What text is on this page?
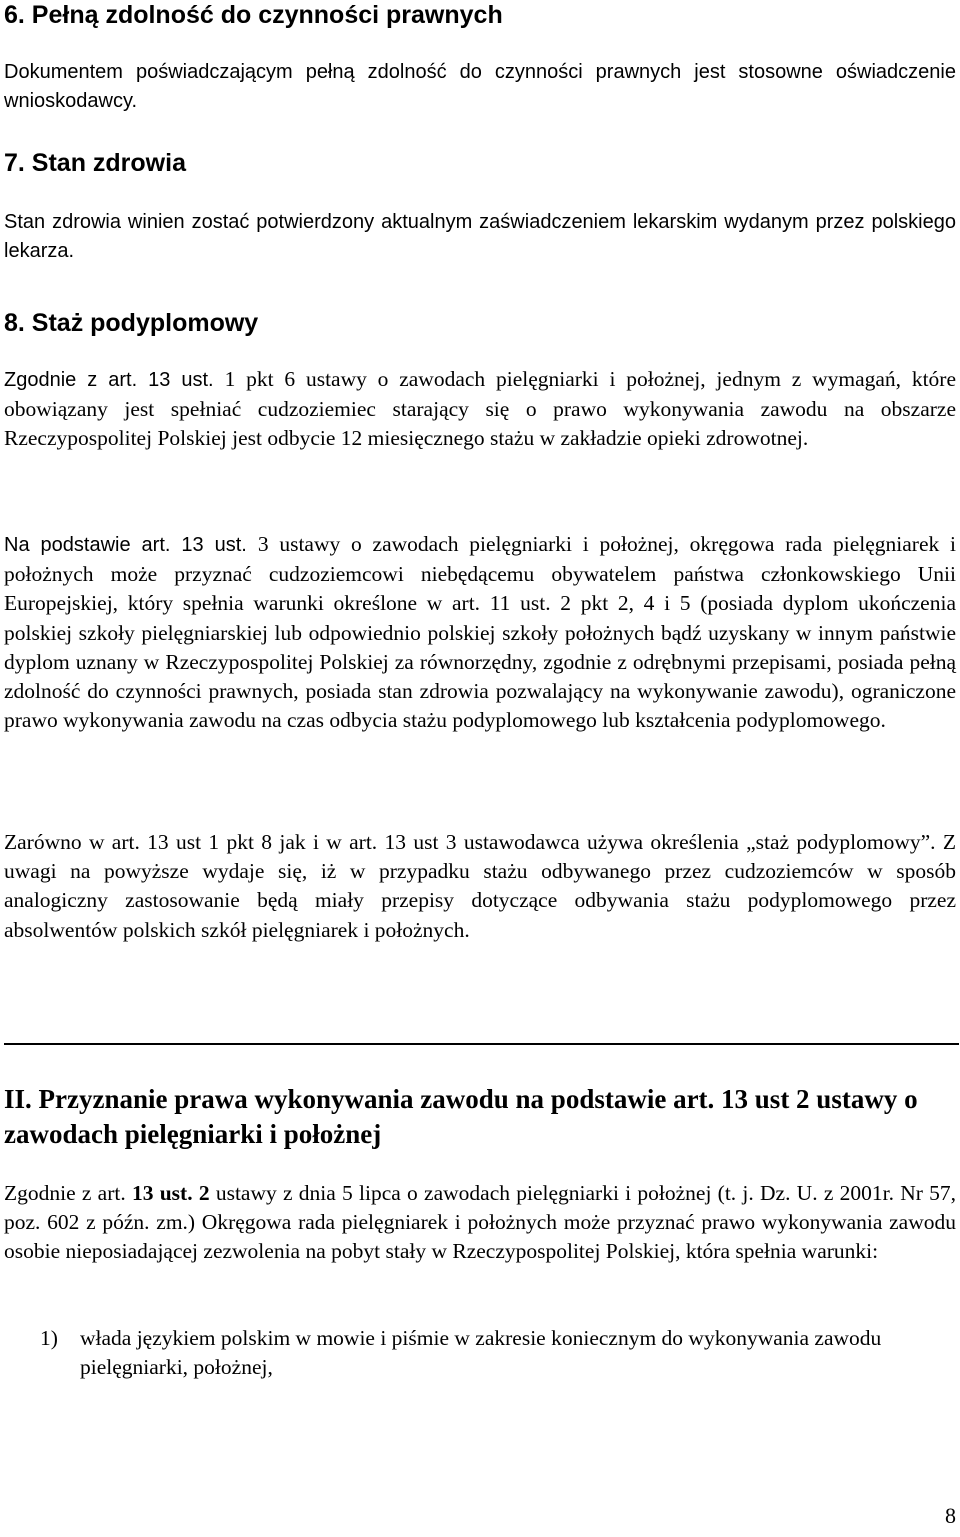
6. Pełną zdolność do czynności prawnych

Dokumentem poświadczającym pełną zdolność do czynności prawnych jest stosowne oświadczenie wnioskodawcy.

7. Stan zdrowia

Stan zdrowia winien zostać potwierdzony aktualnym zaświadczeniem lekarskim wydanym przez polskiego lekarza.

8. Staż podyplomowy

Zgodnie z art. 13 ust. 1 pkt 6 ustawy o zawodach pielęgniarki i położnej, jednym z wymagań, które obowiązany jest spełniać cudzoziemiec starający się o prawo wykonywania zawodu na obszarze Rzeczypospolitej Polskiej jest odbycie 12 miesięcznego stażu w zakładzie opieki zdrowotnej.

Na podstawie art. 13 ust. 3 ustawy o zawodach pielęgniarki i położnej, okręgowa rada pielęgniarek i położnych może przyznać cudzoziemcowi niebędącemu obywatelem państwa członkowskiego Unii Europejskiej, który spełnia warunki określone w art. 11 ust. 2 pkt 2, 4 i 5 (posiada dyplom ukończenia polskiej szkoły pielęgniarskiej lub odpowiednio polskiej szkoły położnych bądź uzyskany w innym państwie dyplom uznany w Rzeczypospolitej Polskiej za równorzędny, zgodnie z odrębnymi przepisami, posiada pełną zdolność do czynności prawnych, posiada stan zdrowia pozwalający na wykonywanie zawodu), ograniczone prawo wykonywania zawodu na czas odbycia stażu podyplomowego lub kształcenia podyplomowego.

Zarówno w art. 13 ust 1 pkt 8 jak i w art. 13 ust 3 ustawodawca używa określenia „staż podyplomowy”. Z uwagi na powyższe wydaje się, iż w przypadku stażu odbywanego przez cudzoziemców w sposób analogiczny zastosowanie będą miały przepisy dotyczące odbywania stażu podyplomowego przez absolwentów polskich szkół pielęgniarek i położnych.

II. Przyznanie prawa wykonywania zawodu na podstawie art. 13 ust 2 ustawy o zawodach pielęgniarki i położnej

Zgodnie z art. 13 ust. 2 ustawy z dnia 5 lipca o zawodach pielęgniarki i położnej (t. j. Dz. U. z 2001r. Nr 57, poz. 602 z późn. zm.) Okręgowa rada pielęgniarek i położnych może przyznać prawo wykonywania zawodu osobie nieposiadającej zezwolenia na pobyt stały w Rzeczypospolitej Polskiej, która spełnia warunki:

1) włada językiem polskim w mowie i piśmie w zakresie koniecznym do wykonywania zawodu pielęgniarki, położnej,
8
